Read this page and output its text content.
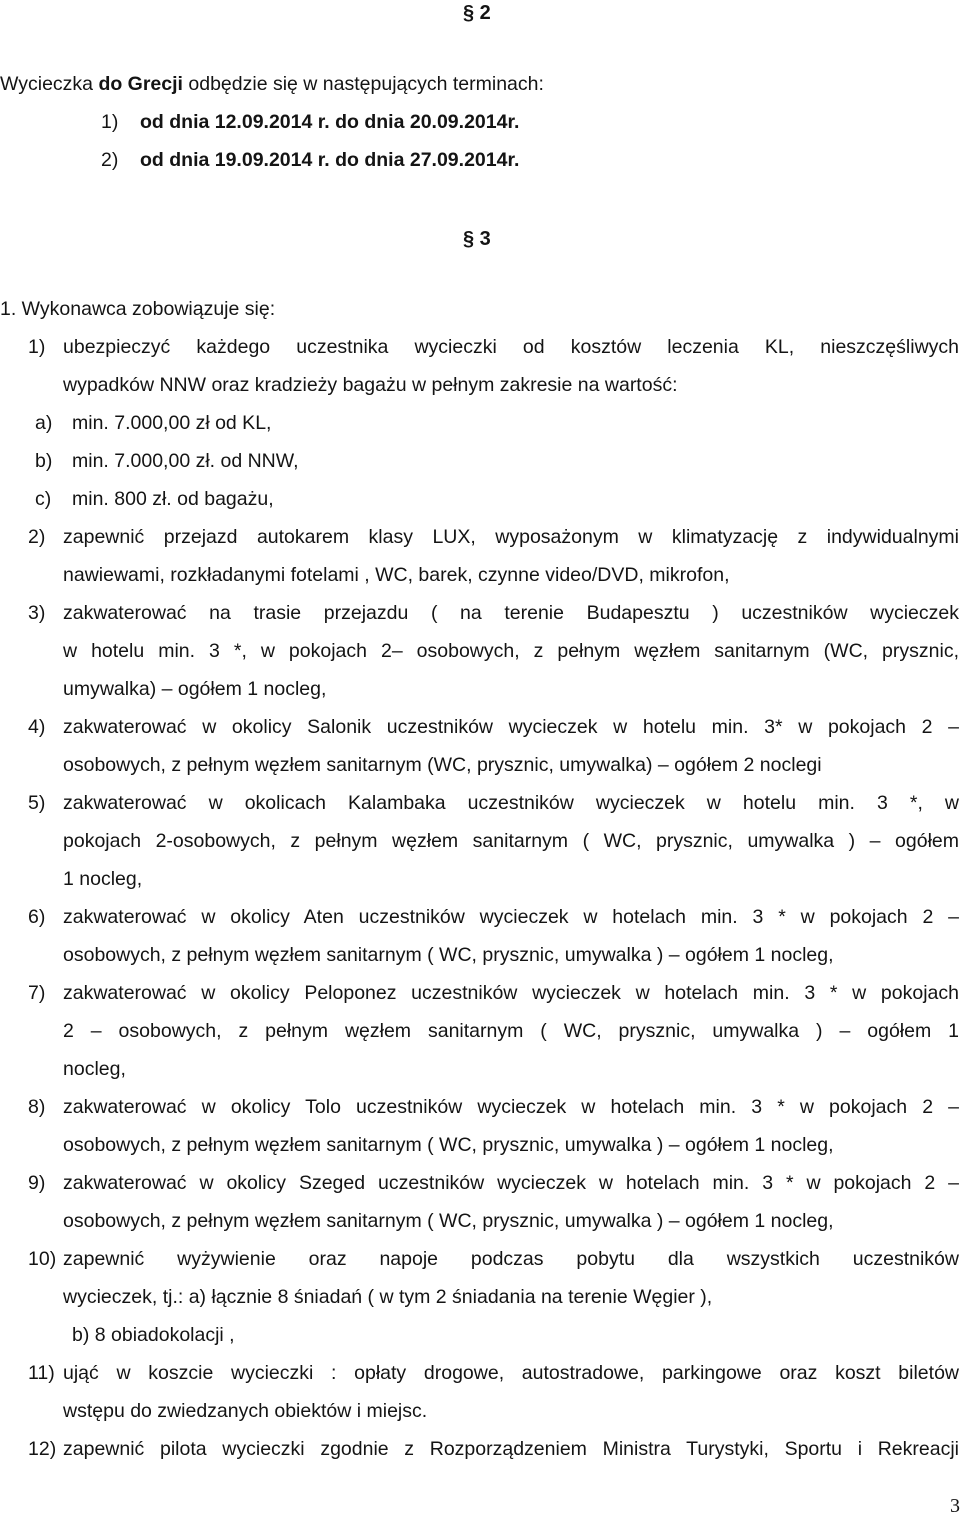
§ 2
Wycieczka do Grecji odbędzie się w następujących terminach:
1) od dnia 12.09.2014 r. do dnia 20.09.2014r.
2) od dnia 19.09.2014 r. do dnia 27.09.2014r.
§ 3
1. Wykonawca zobowiązuje się:
1) ubezpieczyć każdego uczestnika wycieczki od kosztów leczenia KL, nieszczęśliwych
wypadków NNW oraz kradzieży bagażu w pełnym zakresie na wartość:
a) min. 7.000,00 zł od KL,
b) min. 7.000,00 zł. od NNW,
c) min. 800 zł. od bagażu,
2) zapewnić przejazd autokarem klasy LUX, wyposażonym w klimatyzację z indywidualnymi
nawiewami, rozkładanymi fotelami , WC, barek, czynne video/DVD, mikrofon,
3) zakwaterować na trasie przejazdu ( na terenie Budapesztu ) uczestników wycieczek
w hotelu min. 3 *, w pokojach 2– osobowych, z pełnym węzłem sanitarnym (WC, prysznic,
umywalka) – ogółem 1 nocleg,
4) zakwaterować w okolicy Salonik uczestników wycieczek w hotelu min. 3* w pokojach 2 –
osobowych, z pełnym węzłem sanitarnym (WC, prysznic, umywalka) – ogółem 2 noclegi
5) zakwaterować w okolicach Kalambaka uczestników wycieczek w hotelu min. 3 *, w
pokojach 2-osobowych, z pełnym węzłem sanitarnym ( WC, prysznic, umywalka ) – ogółem
1 nocleg,
6) zakwaterować w okolicy Aten uczestników wycieczek w hotelach min. 3 * w pokojach 2 –
osobowych, z pełnym węzłem sanitarnym ( WC, prysznic, umywalka ) – ogółem 1 nocleg,
7) zakwaterować w okolicy Peloponez uczestników wycieczek w hotelach min. 3 * w pokojach
2 – osobowych, z pełnym węzłem sanitarnym ( WC, prysznic, umywalka ) – ogółem 1
nocleg,
8) zakwaterować w okolicy Tolo uczestników wycieczek w hotelach min. 3 * w pokojach 2 –
osobowych, z pełnym węzłem sanitarnym ( WC, prysznic, umywalka ) – ogółem 1 nocleg,
9) zakwaterować w okolicy Szeged uczestników wycieczek w hotelach min. 3 * w pokojach 2 –
osobowych, z pełnym węzłem sanitarnym ( WC, prysznic, umywalka ) – ogółem 1 nocleg,
10) zapewnić wyżywienie oraz napoje podczas pobytu dla wszystkich uczestników
wycieczek, tj.: a) łącznie 8 śniadań ( w tym 2 śniadania na terenie Węgier ),
b) 8 obiadokolacji ,
11) ująć w koszcie wycieczki : opłaty drogowe, autostradowe, parkingowe oraz koszt biletów
wstępu do zwiedzanych obiektów i miejsc.
12) zapewnić pilota wycieczki zgodnie z Rozporządzeniem Ministra Turystyki, Sportu i Rekreacji
3
